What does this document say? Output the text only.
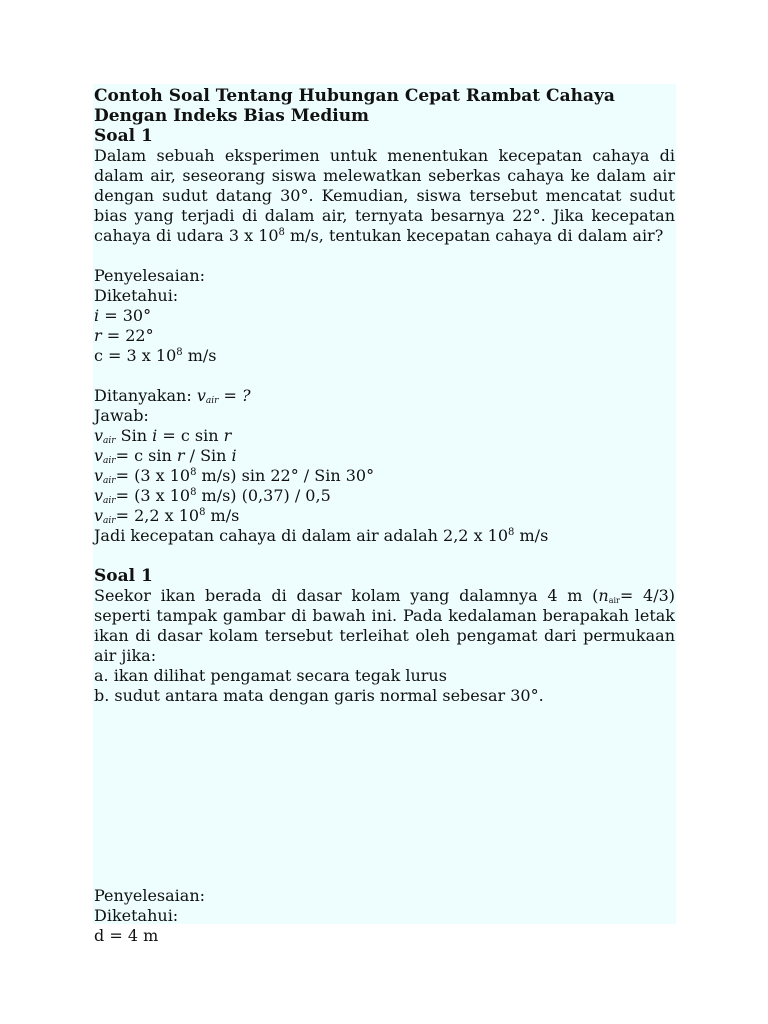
Contoh Soal Tentang Hubungan Cepat Rambat Cahaya Dengan Indeks Bias Medium

Soal 1

Dalam sebuah eksperimen untuk menentukan kecepatan cahaya di dalam air, seseorang siswa melewatkan seberkas cahaya ke dalam air dengan sudut datang 30°. Kemudian, siswa tersebut mencatat sudut bias yang terjadi di dalam air, ternyata besarnya 22°. Jika kecepatan cahaya di udara 3 x $10^8$ m/s, tentukan kecepatan cahaya di dalam air?

Penyelesaian:

Diketahui:

i = 30°

r = 22°

c = 3 x $10^8$ m/s

Ditanyakan: $v_{air}$ = ?

Jawab:

$v_{air}$ Sin i = c sin r

$v_{air}= c$ sin r / Sin i

$v_{air}= (3$ x $10^8$ m/s) sin 22° / Sin 30°

$v_{air}= (3$ x $10^8$ m/s) (0,37) / 0,5

$v_{air}= 2,2$ x $10^8$ m/s

Jadi kecepatan cahaya di dalam air adalah 2,2 x $10^8$ m/s

Soal 1

Seekor ikan berada di dasar kolam yang dalamnya 4 m $(n_{air}= 4/3)$ seperti tampak gambar di bawah ini. Pada kedalaman berapakah letak ikan di dasar kolam tersebut terleihat oleh pengamat dari permukaan air jika:

a. ikan dilihat pengamat secara tegak lurus

b. sudut antara mata dengan garis normal sebesar 30°.

Penyelesaian:

Diketahui:

d = 4 m
